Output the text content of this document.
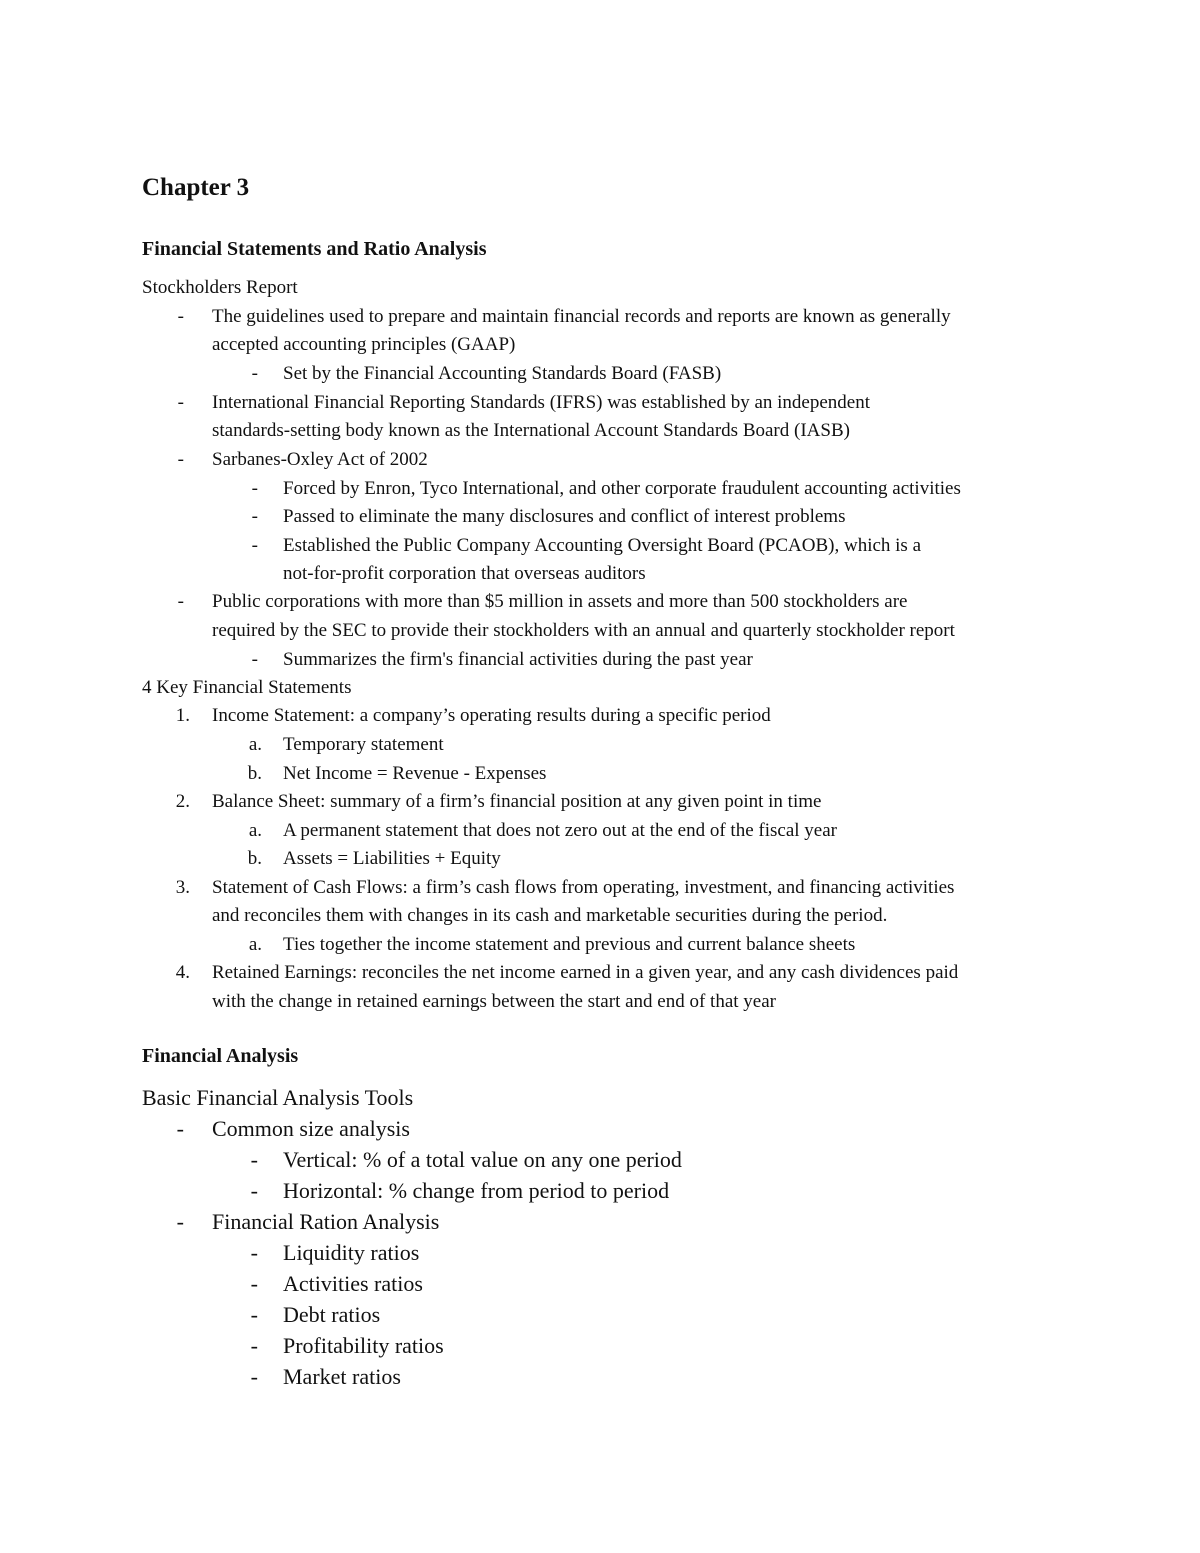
Chapter 3
Financial Statements and Ratio Analysis
Stockholders Report
- The guidelines used to prepare and maintain financial records and reports are known as generally
accepted accounting principles (GAAP)
- Set by the Financial Accounting Standards Board (FASB)
- International Financial Reporting Standards (IFRS) was established by an independent
standards-setting body known as the International Account Standards Board (IASB)
- Sarbanes-Oxley Act of 2002
- Forced by Enron, Tyco International, and other corporate fraudulent accounting activities
- Passed to eliminate the many disclosures and conflict of interest problems
- Established the Public Company Accounting Oversight Board (PCAOB), which is a
not-for-profit corporation that overseas auditors
- Public corporations with more than $5 million in assets and more than 500 stockholders are
required by the SEC to provide their stockholders with an annual and quarterly stockholder report
- Summarizes the firm's financial activities during the past year
4 Key Financial Statements
1. Income Statement: a company’s operating results during a specific period
a. Temporary statement
b. Net Income = Revenue - Expenses
2. Balance Sheet: summary of a firm’s financial position at any given point in time
a. A permanent statement that does not zero out at the end of the fiscal year
b. Assets = Liabilities + Equity
3. Statement of Cash Flows: a firm’s cash flows from operating, investment, and financing activities
and reconciles them with changes in its cash and marketable securities during the period.
a. Ties together the income statement and previous and current balance sheets
4. Retained Earnings: reconciles the net income earned in a given year, and any cash dividences paid
with the change in retained earnings between the start and end of that year
Financial Analysis
Basic Financial Analysis Tools
- Common size analysis
- Vertical: % of a total value on any one period
- Horizontal: % change from period to period
- Financial Ration Analysis
- Liquidity ratios
- Activities ratios
- Debt ratios
- Profitability ratios
- Market ratios
